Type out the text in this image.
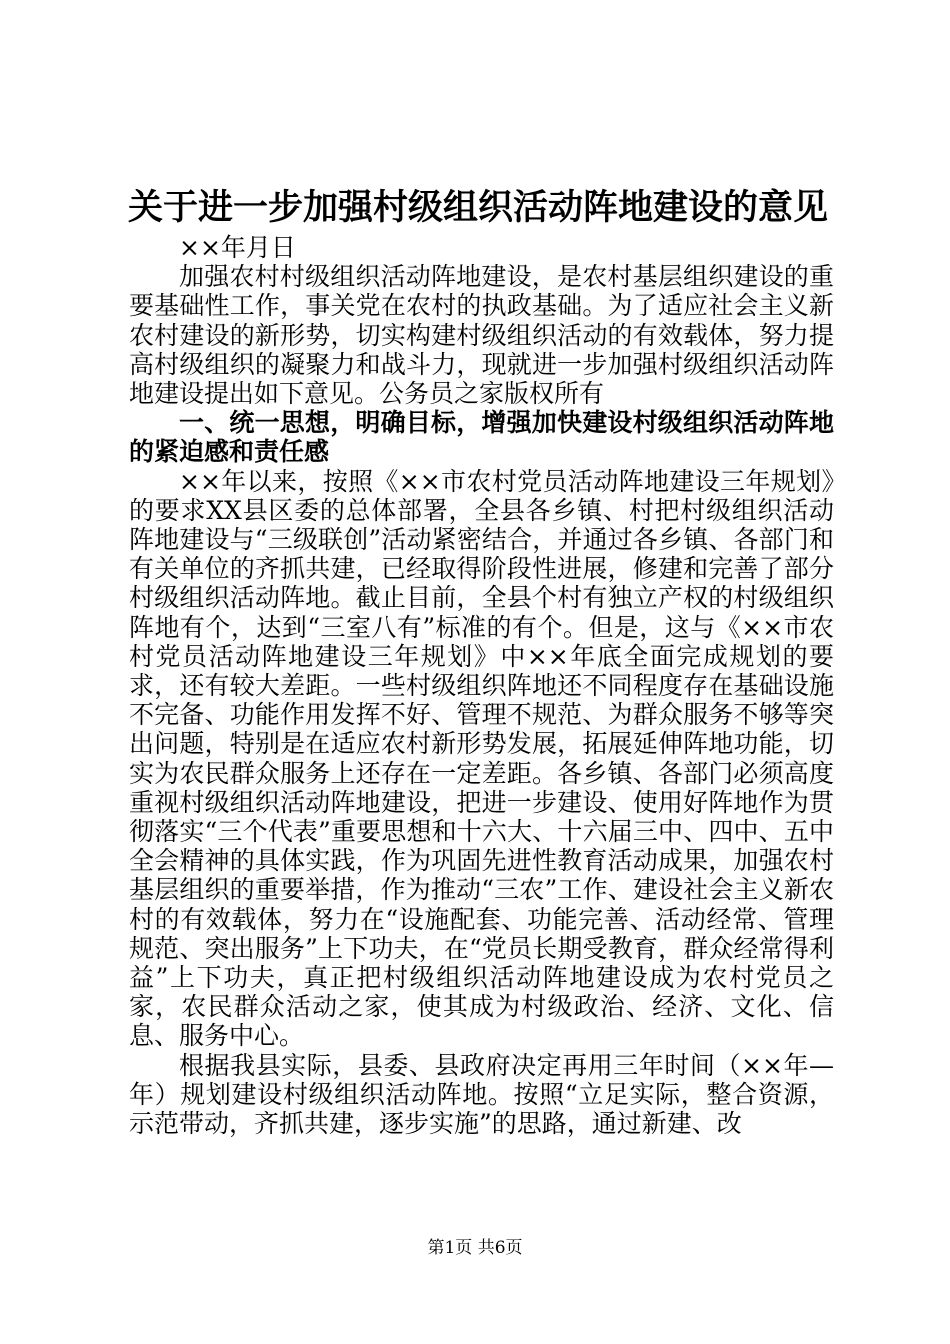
关于进一步加强村级组织活动阵地建设的意见

××年月日

加强农村村级组织活动阵地建设，是农村基层组织建设的重要基础性工作，事关党在农村的执政基础。为了适应社会主义新农村建设的新形势，切实构建村级组织活动的有效载体，努力提高村级组织的凝聚力和战斗力，现就进一步加强村级组织活动阵地建设提出如下意见。公务员之家版权所有

一、统一思想，明确目标，增强加快建设村级组织活动阵地的紧迫感和责任感

××年以来，按照《××市农村党员活动阵地建设三年规划》的要求XX县区委的总体部署，全县各乡镇、村把村级组织活动阵地建设与“三级联创”活动紧密结合，并通过各乡镇、各部门和有关单位的齐抓共建，已经取得阶段性进展，修建和完善了部分村级组织活动阵地。截止目前，全县个村有独立产权的村级组织阵地有个，达到“三室八有”标准的有个。但是，这与《××市农村党员活动阵地建设三年规划》中××年底全面完成规划的要求，还有较大差距。一些村级组织阵地还不同程度存在基础设施不完备、功能作用发挥不好、管理不规范、为群众服务不够等突出问题，特别是在适应农村新形势发展，拓展延伸阵地功能，切实为农民群众服务上还存在一定差距。各乡镇、各部门必须高度重视村级组织活动阵地建设，把进一步建设、使用好阵地作为贯彻落实“三个代表”重要思想和十六大、十六届三中、四中、五中全会精神的具体实践，作为巩固先进性教育活动成果，加强农村基层组织的重要举措，作为推动“三农”工作、建设社会主义新农村的有效载体，努力在“设施配套、功能完善、活动经常、管理规范、突出服务”上下功夫，在“党员长期受教育，群众经常得利益”上下功夫，真正把村级组织活动阵地建设成为农村党员之家，农民群众活动之家，使其成为村级政治、经济、文化、信息、服务中心。

根据我县实际，县委、县政府决定再用三年时间（××年—年）规划建设村级组织活动阵地。按照“立足实际，整合资源，示范带动，齐抓共建，逐步实施”的思路，通过新建、改

第1页 共6页
